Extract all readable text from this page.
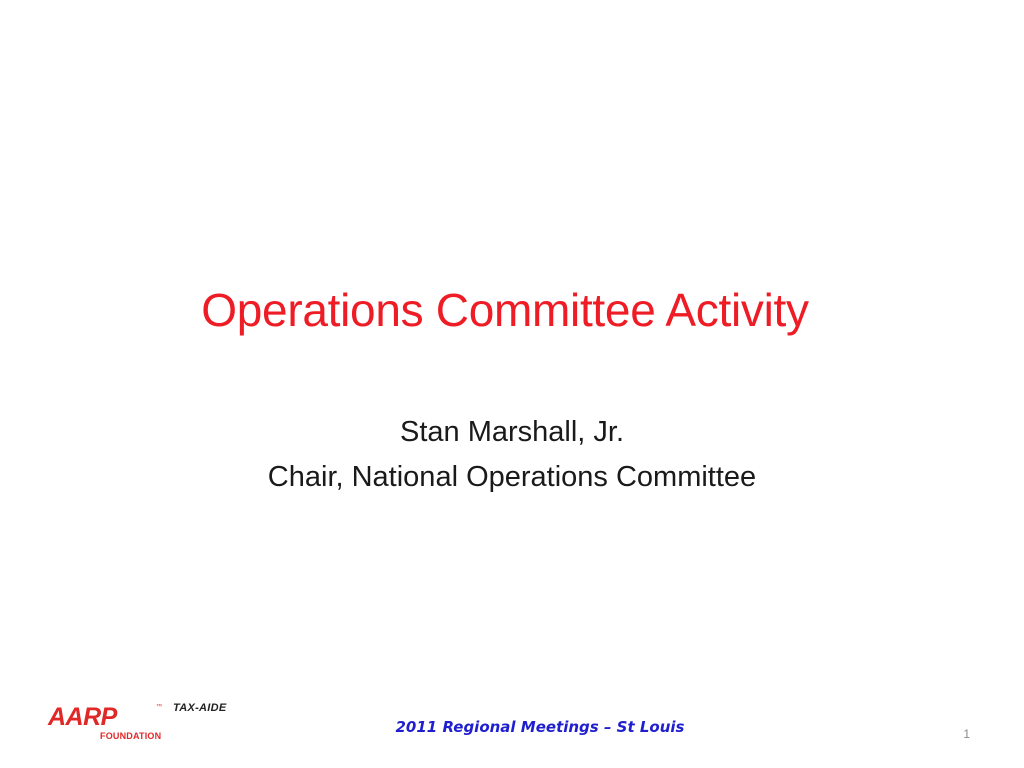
Operations Committee Activity
Stan Marshall, Jr.
Chair, National Operations Committee
AARP	™ TAX-AIDE
FOUNDATION	2011 Regional Meetings – St Louis	1
